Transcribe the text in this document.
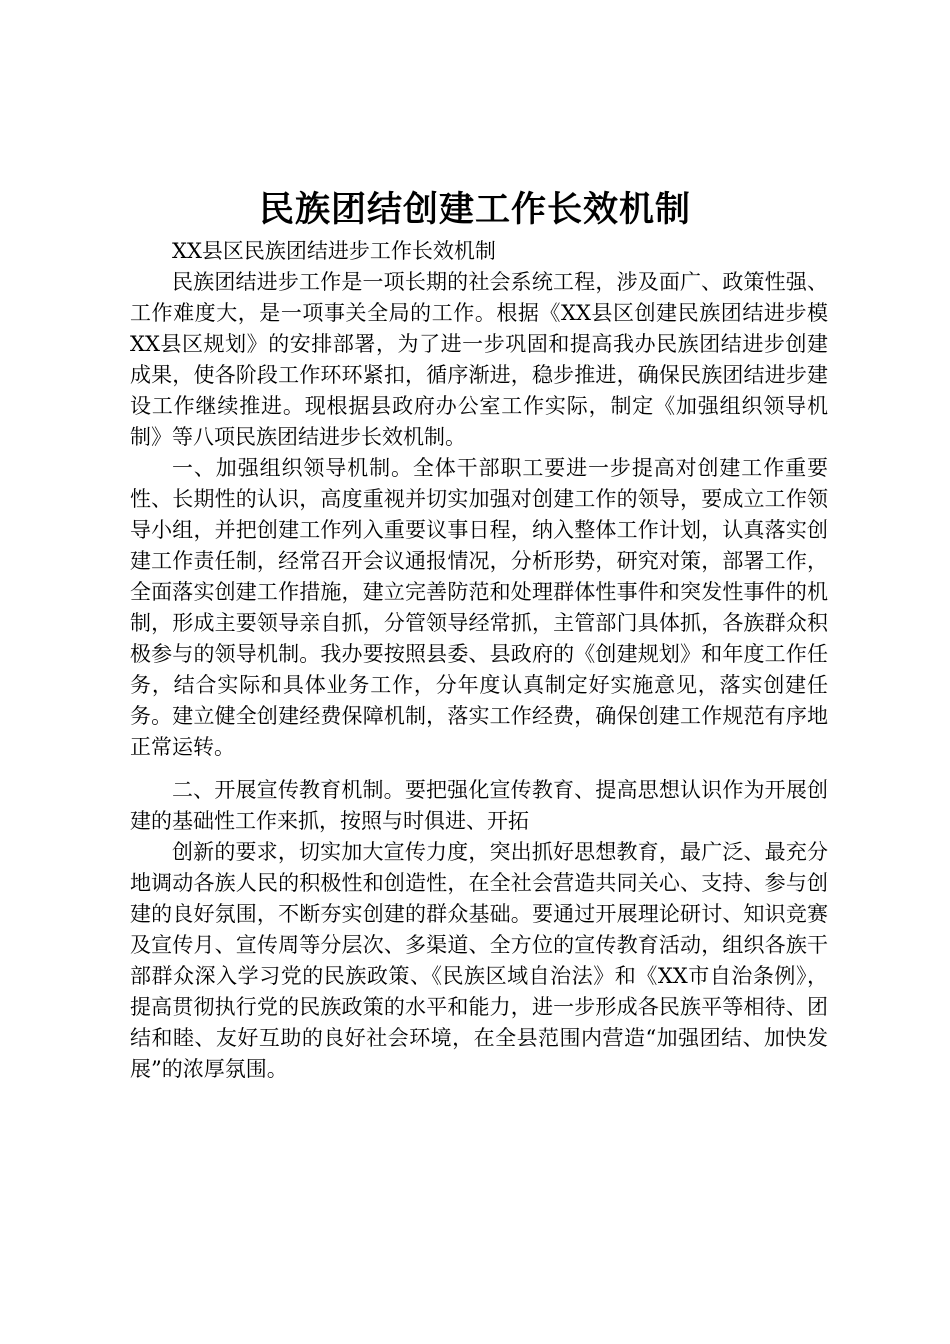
民族团结创建工作长效机制

XX县区民族团结进步工作长效机制

民族团结进步工作是一项长期的社会系统工程，涉及面广、政策性强、工作难度大，是一项事关全局的工作。根据《XX县区创建民族团结进步模XX县区规划》的安排部署，为了进一步巩固和提高我办民族团结进步创建成果，使各阶段工作环环紧扣，循序渐进，稳步推进，确保民族团结进步建设工作继续推进。现根据县政府办公室工作实际，制定《加强组织领导机制》等八项民族团结进步长效机制。

一、加强组织领导机制。全体干部职工要进一步提高对创建工作重要性、长期性的认识，高度重视并切实加强对创建工作的领导，要成立工作领导小组，并把创建工作列入重要议事日程，纳入整体工作计划，认真落实创建工作责任制，经常召开会议通报情况，分析形势，研究对策，部署工作，全面落实创建工作措施，建立完善防范和处理群体性事件和突发性事件的机制，形成主要领导亲自抓，分管领导经常抓，主管部门具体抓，各族群众积极参与的领导机制。我办要按照县委、县政府的《创建规划》和年度工作任务，结合实际和具体业务工作，分年度认真制定好实施意见，落实创建任务。建立健全创建经费保障机制，落实工作经费，确保创建工作规范有序地正常运转。

二、开展宣传教育机制。要把强化宣传教育、提高思想认识作为开展创建的基础性工作来抓，按照与时俱进、开拓

创新的要求，切实加大宣传力度，突出抓好思想教育，最广泛、最充分地调动各族人民的积极性和创造性，在全社会营造共同关心、支持、参与创建的良好氛围，不断夯实创建的群众基础。要通过开展理论研讨、知识竞赛及宣传月、宣传周等分层次、多渠道、全方位的宣传教育活动，组织各族干部群众深入学习党的民族政策、《民族区域自治法》和《XX市自治条例》，提高贯彻执行党的民族政策的水平和能力，进一步形成各民族平等相待、团结和睦、友好互助的良好社会环境，在全县范围内营造“加强团结、加快发展”的浓厚氛围。
